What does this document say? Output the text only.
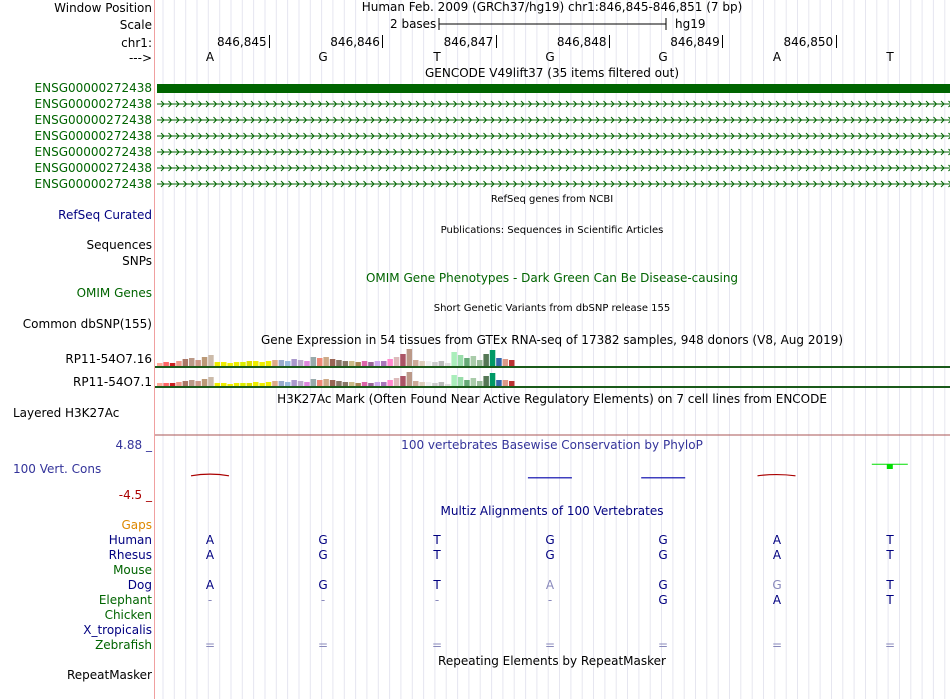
Window Position
Scale
chr1:
--->
Human Feb. 2009 (GRCh37/hg19) chr1:846,845-846,851 (7 bp)
2 bases	hg19
846,845	846,846	846,847	846,848	846,849	846,850
A	G	T	G	G	A	T
GENCODE V49lift37 (35 items filtered out)
ENSG00000272438
ENSG00000272438
ENSG00000272438
ENSG00000272438
ENSG00000272438
ENSG00000272438
ENSG00000272438
RefSeq genes from NCBI
RefSeq Curated
Publications: Sequences in Scientific Articles
Sequences
SNPs
OMIM Gene Phenotypes - Dark Green Can Be Disease-causing
OMIM Genes
Short Genetic Variants from dbSNP release 155
Common dbSNP(155)
Gene Expression in 54 tissues from GTEx RNA-seq of 17382 samples, 948 donors (V8, Aug 2019)
RP11-54O7.16
RP11-54O7.1
H3K27Ac Mark (Often Found Near Active Regulatory Elements) on 7 cell lines from ENCODE
Layered H3K27Ac
100 vertebrates Basewise Conservation by PhyloP
4.88 _
100 Vert. Cons
-4.5 _
Multiz Alignments of 100 Vertebrates
Gaps
Human	A	G	T	G	G	A	T
Rhesus	A	G	T	G	G	A	T
Mouse
Dog	A	G	T	A	G	G	T
Elephant	-	-	-	-	G	A	T
Chicken
X_tropicalis
Zebrafish	=	=	=	=	=	=	=
Repeating Elements by RepeatMasker
RepeatMasker
